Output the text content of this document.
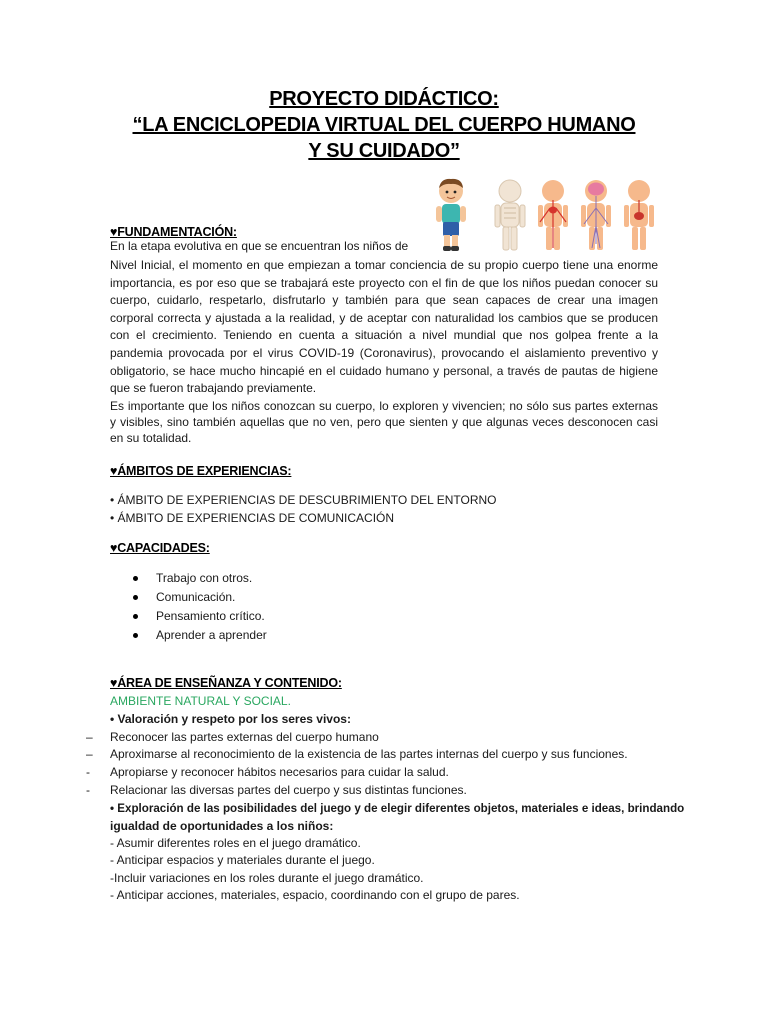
PROYECTO DIDÁCTICO:
“LA ENCICLOPEDIA VIRTUAL DEL CUERPO HUMANO
Y SU CUIDADO”
♥FUNDAMENTACIÓN:
En la etapa evolutiva en que se encuentran los niños de
Nivel Inicial, el momento en que empiezan a tomar conciencia de su propio cuerpo tiene una enorme importancia, es por eso que se trabajará este proyecto con el fin de que los niños puedan conocer su cuerpo, cuidarlo, respetarlo, disfrutarlo y también para que sean capaces de crear una imagen corporal correcta y ajustada a la realidad, y de aceptar con naturalidad los cambios que se producen con el crecimiento. Teniendo en cuenta a situación a nivel mundial que nos golpea frente a la pandemia provocada por el virus COVID-19 (Coronavirus), provocando el aislamiento preventivo y obligatorio, se hace mucho hincapié en el cuidado humano y personal, a través de pautas de higiene que se fueron trabajando previamente.
Es importante que los niños conozcan su cuerpo, lo exploren y vivencien; no sólo sus partes externas y visibles, sino también aquellas que no ven, pero que sienten y que algunas veces desconocen casi en su totalidad.
♥ÁMBITOS DE EXPERIENCIAS:
• ÁMBITO DE EXPERIENCIAS DE DESCUBRIMIENTO DEL ENTORNO
• ÁMBITO DE EXPERIENCIAS DE COMUNICACIÓN
♥CAPACIDADES:
Trabajo con otros.
Comunicación.
Pensamiento crítico.
Aprender a aprender
♥ÁREA DE ENSEÑANZA Y CONTENIDO:
AMBIENTE NATURAL Y SOCIAL.
• Valoración y respeto por los seres vivos:
– Reconocer las partes externas del cuerpo humano
– Aproximarse al reconocimiento de la existencia de las partes internas del cuerpo y sus funciones.
- Apropiarse y reconocer hábitos necesarios para cuidar la salud.
- Relacionar las diversas partes del cuerpo y sus distintas funciones.
• Exploración de las posibilidades del juego y de elegir diferentes objetos, materiales e ideas, brindando
igualdad de oportunidades a los niños:
- Asumir diferentes roles en el juego dramático.
- Anticipar espacios y materiales durante el juego.
-Incluir variaciones en los roles durante el juego dramático.
- Anticipar acciones, materiales, espacio, coordinando con el grupo de pares.
